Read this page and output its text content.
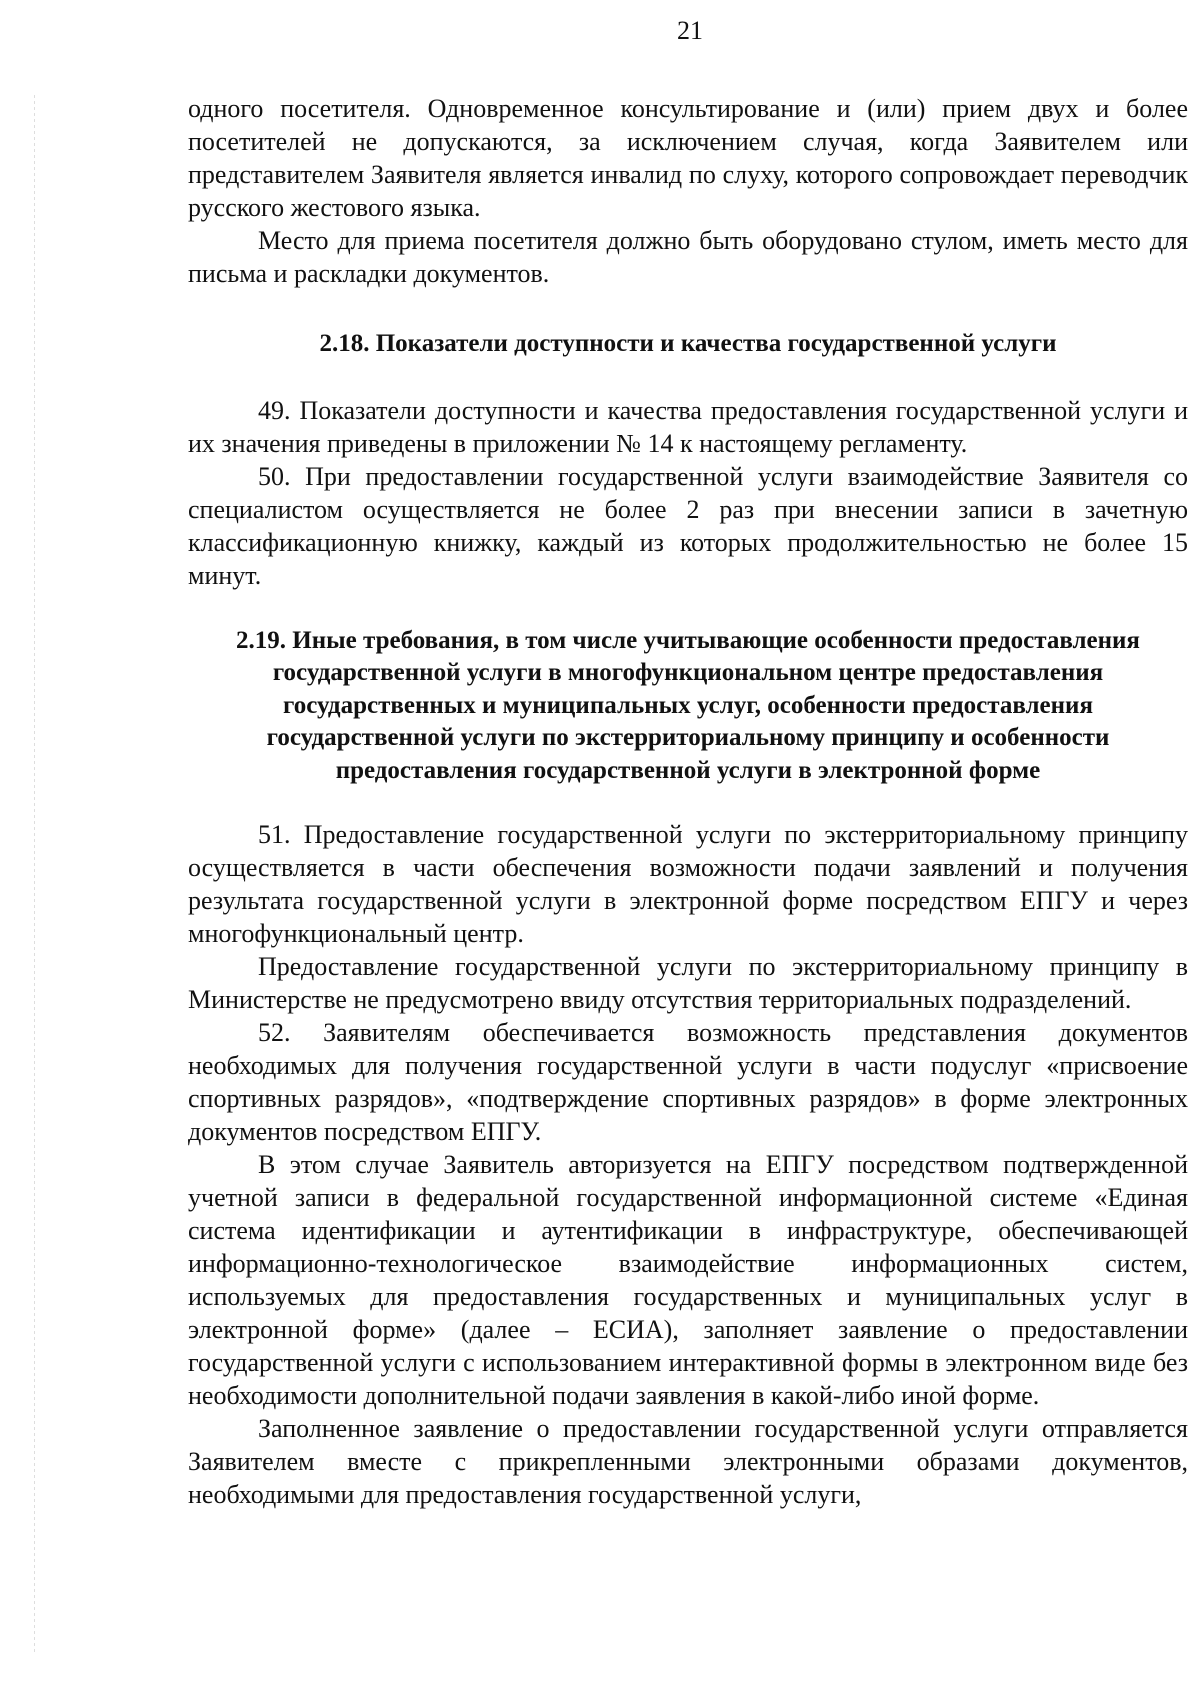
21

одного посетителя. Одновременное консультирование и (или) прием двух и более посетителей не допускаются, за исключением случая, когда Заявителем или представителем Заявителя является инвалид по слуху, которого сопровождает переводчик русского жестового языка.

Место для приема посетителя должно быть оборудовано стулом, иметь место для письма и раскладки документов.

2.18. Показатели доступности и качества государственной услуги

49. Показатели доступности и качества предоставления государственной услуги и их значения приведены в приложении № 14 к настоящему регламенту.

50. При предоставлении государственной услуги взаимодействие Заявителя со специалистом осуществляется не более 2 раз при внесении записи в зачетную классификационную книжку, каждый из которых продолжительностью не более 15 минут.

2.19. Иные требования, в том числе учитывающие особенности предоставления государственной услуги в многофункциональном центре предоставления государственных и муниципальных услуг, особенности предоставления государственной услуги по экстерриториальному принципу и особенности предоставления государственной услуги в электронной форме

51. Предоставление государственной услуги по экстерриториальному принципу осуществляется в части обеспечения возможности подачи заявлений и получения результата государственной услуги в электронной форме посредством ЕПГУ и через многофункциональный центр.

Предоставление государственной услуги по экстерриториальному принципу в Министерстве не предусмотрено ввиду отсутствия территориальных подразделений.

52. Заявителям обеспечивается возможность представления документов необходимых для получения государственной услуги в части подуслуг «присвоение спортивных разрядов», «подтверждение спортивных разрядов» в форме электронных документов посредством ЕПГУ.

В этом случае Заявитель авторизуется на ЕПГУ посредством подтвержденной учетной записи в федеральной государственной информационной системе «Единая система идентификации и аутентификации в инфраструктуре, обеспечивающей информационно-технологическое взаимодействие информационных систем, используемых для предоставления государственных и муниципальных услуг в электронной форме» (далее – ЕСИА), заполняет заявление о предоставлении государственной услуги с использованием интерактивной формы в электронном виде без необходимости дополнительной подачи заявления в какой-либо иной форме.

Заполненное заявление о предоставлении государственной услуги отправляется Заявителем вместе с прикрепленными электронными образами документов, необходимыми для предоставления государственной услуги,
